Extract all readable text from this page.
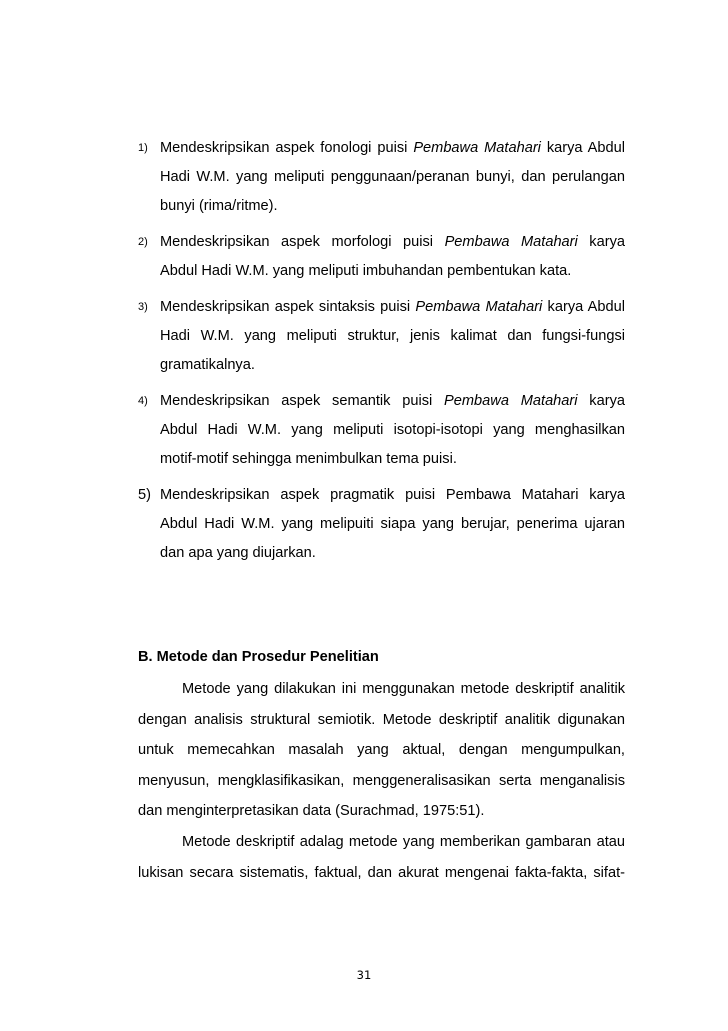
1) Mendeskripsikan aspek fonologi puisi Pembawa Matahari karya Abdul
Hadi W.M. yang meliputi penggunaan/peranan bunyi, dan perulangan
bunyi (rima/ritme).
2) Mendeskripsikan aspek morfologi puisi Pembawa Matahari karya
Abdul Hadi W.M. yang meliputi imbuhandan pembentukan kata.
3) Mendeskripsikan aspek sintaksis puisi Pembawa Matahari karya Abdul
Hadi W.M. yang meliputi struktur, jenis kalimat dan fungsi-fungsi
gramatikalnya.
4) Mendeskripsikan aspek semantik puisi Pembawa Matahari karya
Abdul Hadi W.M. yang meliputi isotopi-isotopi yang menghasilkan
motif-motif sehingga menimbulkan tema puisi.
5) Mendeskripsikan aspek pragmatik puisi Pembawa Matahari karya
Abdul Hadi W.M. yang melipuiti siapa yang berujar, penerima ujaran
dan apa yang diujarkan.
B. Metode dan Prosedur Penelitian
Metode yang dilakukan ini menggunakan metode deskriptif analitik
dengan analisis struktural semiotik. Metode deskriptif analitik digunakan
untuk memecahkan masalah yang aktual, dengan mengumpulkan,
menyusun, mengklasifikasikan, menggeneralisasikan serta menganalisis
dan menginterpretasikan data (Surachmad, 1975:51).
Metode deskriptif adalag metode yang memberikan gambaran atau
lukisan secara sistematis, faktual, dan akurat mengenai fakta-fakta, sifat-
31
